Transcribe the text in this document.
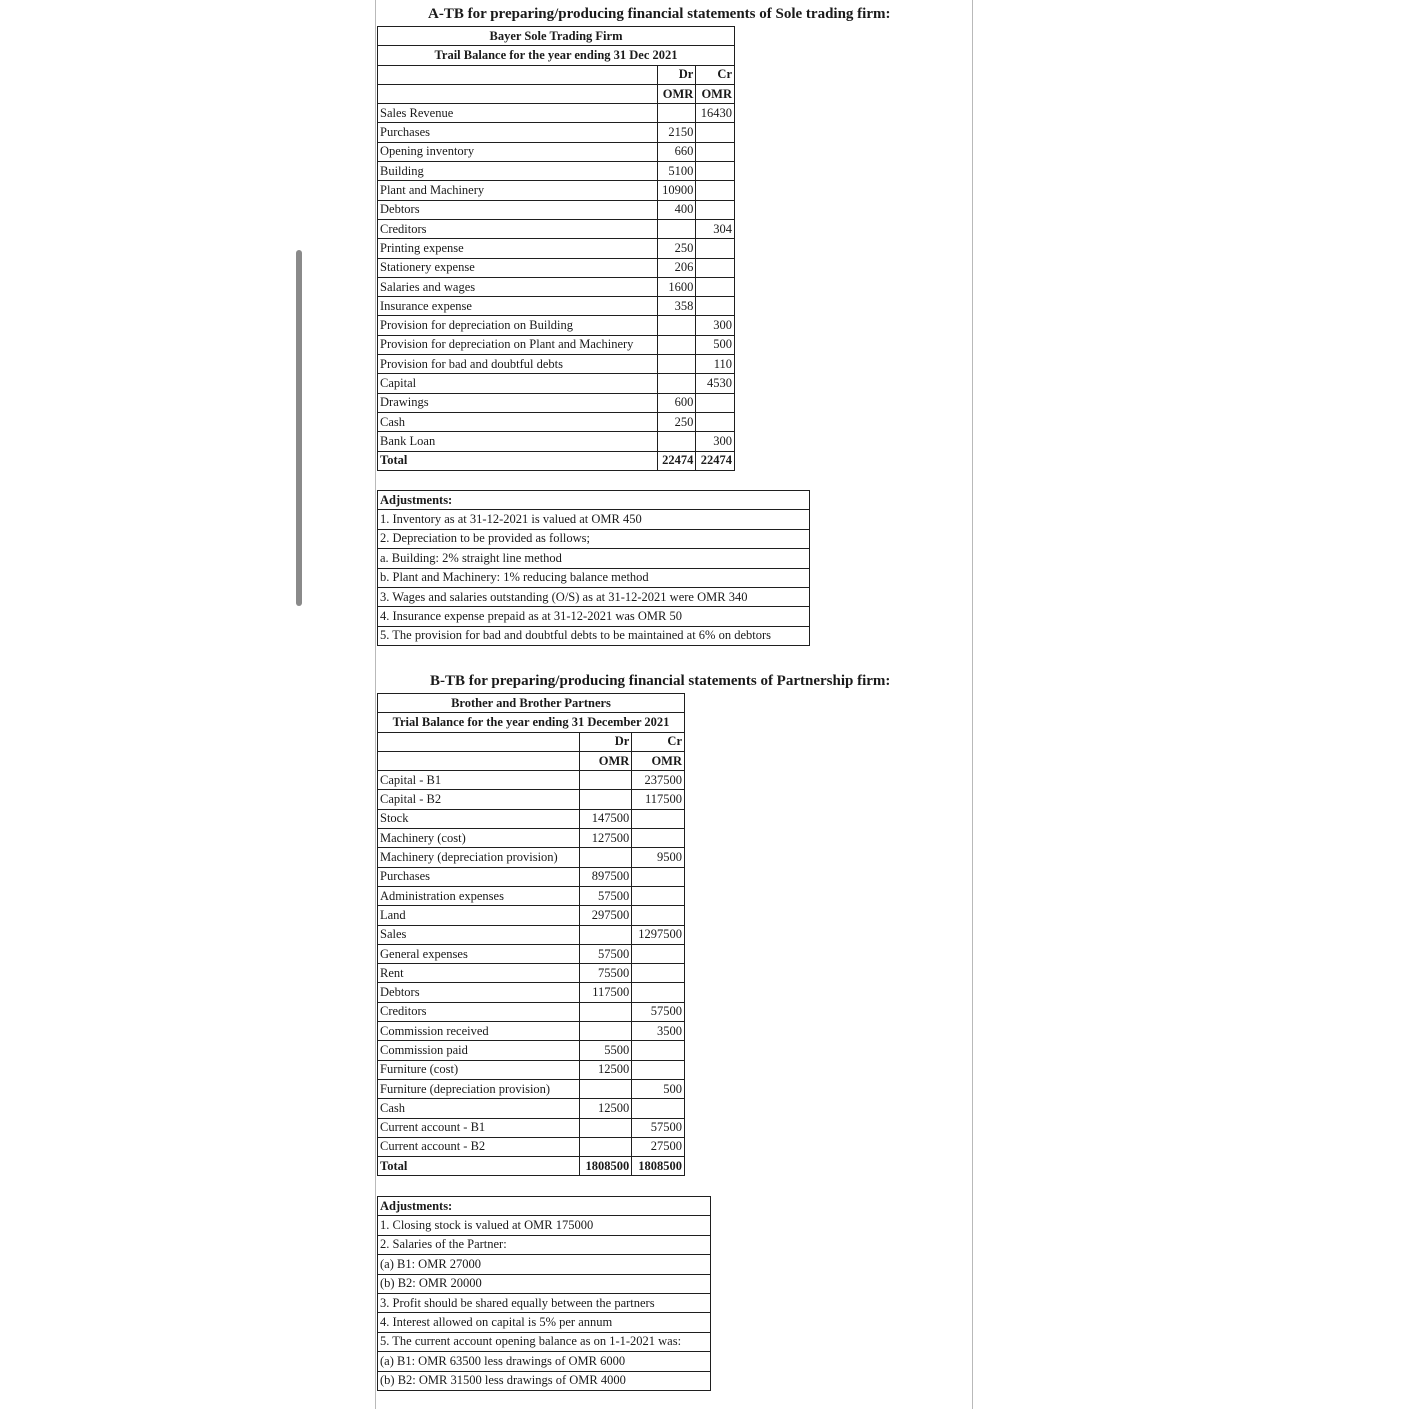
A-TB for preparing/producing financial statements of Sole trading firm:
Bayer Sole Trading Firm		
Trail Balance for the year ending 31 Dec 2021		
	Dr	Cr
	OMR	OMR
Sales Revenue		16430
Purchases	2150	
Opening inventory	660	
Building	5100	
Plant and Machinery	10900	
Debtors	400	
Creditors		304
Printing expense	250	
Stationery expense	206	
Salaries and wages	1600	
Insurance expense	358	
Provision for depreciation on Building		300
Provision for depreciation on Plant and Machinery		500
Provision for bad and doubtful debts		110
Capital		4530
Drawings	600	
Cash	250	
Bank Loan		300
Total	22474	22474
Adjustments:
1. Inventory as at 31-12-2021 is valued at OMR 450
2. Depreciation to be provided as follows;
a. Building: 2% straight line method
b. Plant and Machinery: 1% reducing balance method
3. Wages and salaries outstanding (O/S) as at 31-12-2021 were OMR 340
4. Insurance expense prepaid as at 31-12-2021 was OMR 50
5. The provision for bad and doubtful debts to be maintained at 6% on debtors
B-TB for preparing/producing financial statements of Partnership firm:
Brother and Brother Partners		
Trial Balance for the year ending 31 December 2021		
	Dr	Cr
	OMR	OMR
Capital - B1		237500
Capital - B2		117500
Stock	147500	
Machinery (cost)	127500	
Machinery (depreciation provision)		9500
Purchases	897500	
Administration expenses	57500	
Land	297500	
Sales		1297500
General expenses	57500	
Rent	75500	
Debtors	117500	
Creditors		57500
Commission received		3500
Commission paid	5500	
Furniture (cost)	12500	
Furniture (depreciation provision)		500
Cash	12500	
Current account - B1		57500
Current account - B2		27500
Total	1808500	1808500
Adjustments:
1. Closing stock is valued at OMR 175000
2. Salaries of the Partner:
(a) B1: OMR 27000
(b) B2: OMR 20000
3. Profit should be shared equally between the partners
4. Interest allowed on capital is 5% per annum
5. The current account opening balance as on 1-1-2021 was:
(a) B1: OMR 63500 less drawings of OMR 6000
(b) B2: OMR 31500 less drawings of OMR 4000
